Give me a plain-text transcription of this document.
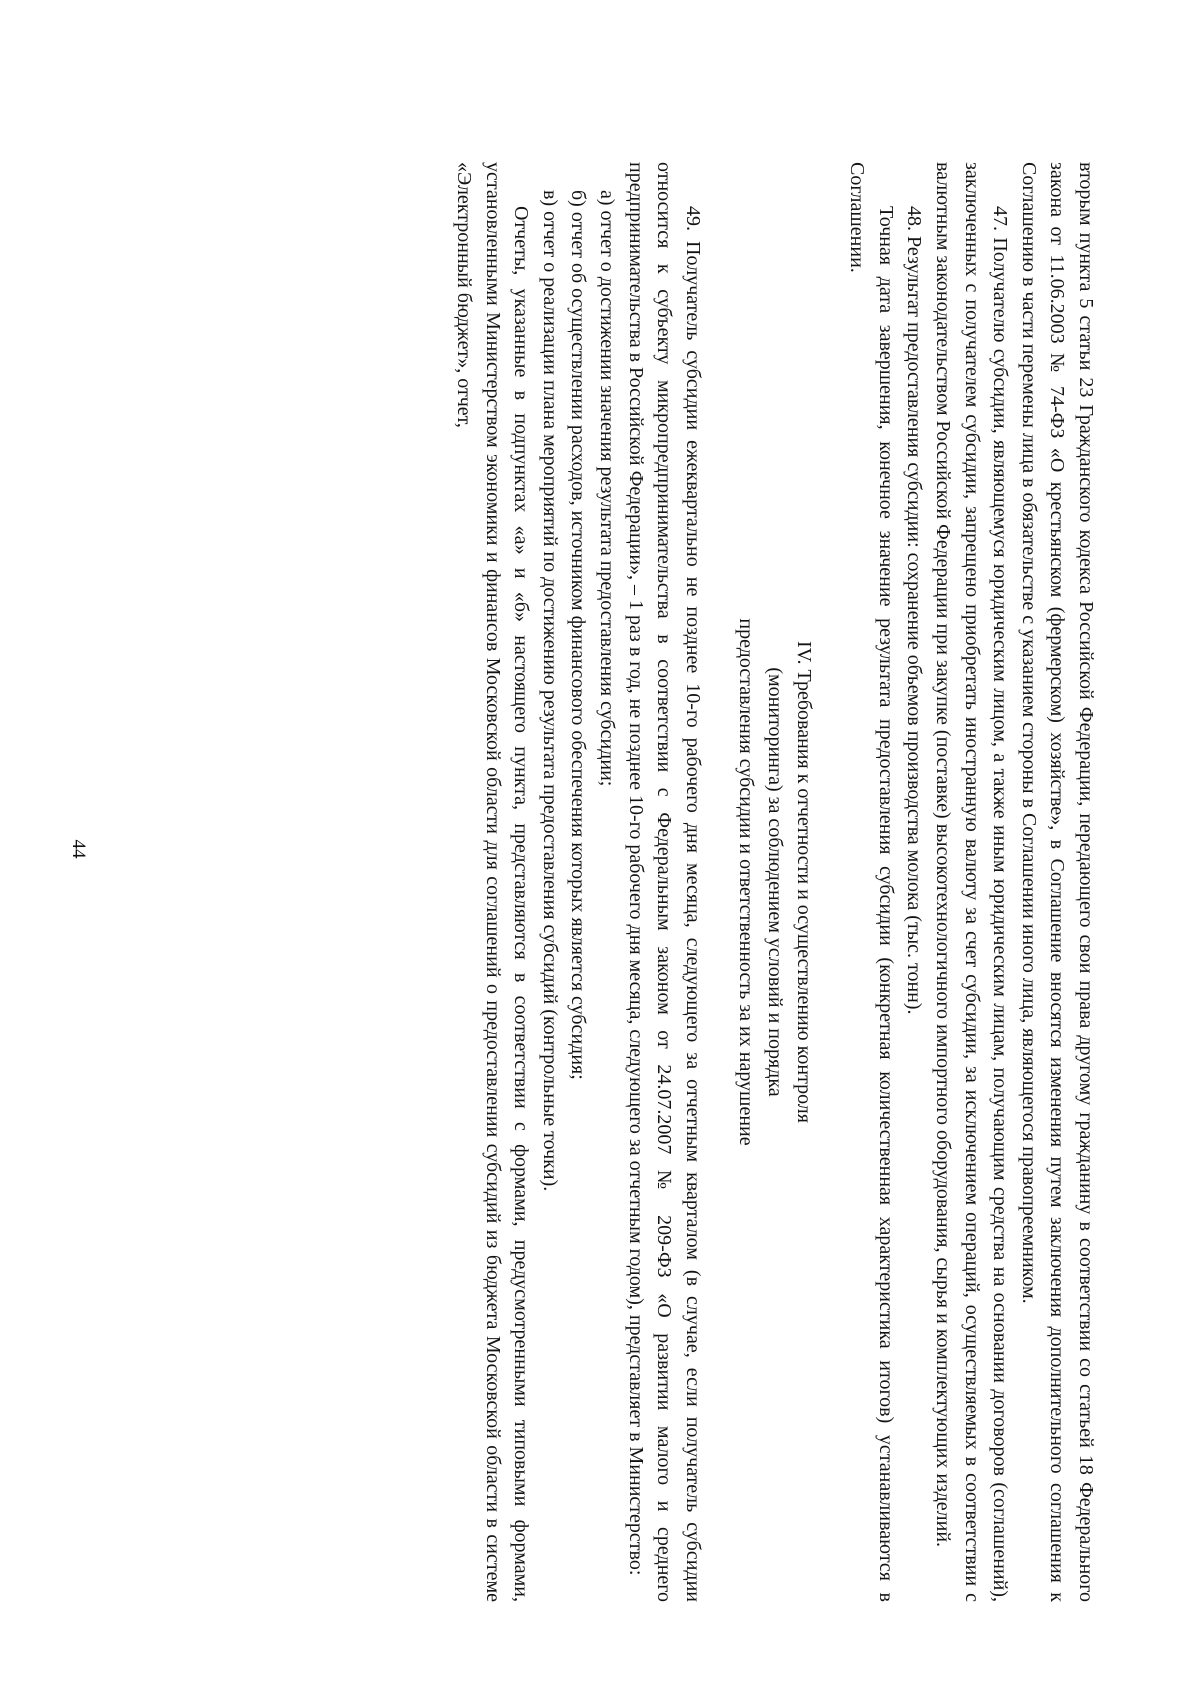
44	вторым пункта 5 статьи 23 Гражданского кодекса Российской Федерации, передающего свои права другому гражданину в соответствии со статьей 18 Федерального закона от 11.06.2003 № 74-ФЗ «О крестьянском (фермерском) хозяйстве», в Соглашение вносятся изменения путем заключения дополнительного соглашения к Соглашению в части перемены лица в обязательстве с указанием стороны в Соглашении иного лица, являющегося правопреемником.

47. Получателю субсидии, являющемуся юридическим лицом, а также иным юридическим лицам, получающим средства на основании договоров (соглашений), заключенных с получателем субсидии, запрещено приобретать иностранную валюту за счет субсидии, за исключением операций, осуществляемых в соответствии с валютным законодательством Российской Федерации при закупке (поставке) высокотехнологичного импортного оборудования, сырья и комплектующих изделий.

48. Результат предоставления субсидии: сохранение объемов производства молока (тыс. тонн).

Точная дата завершения, конечное значение результата предоставления субсидии (конкретная количественная характеристика итогов) устанавливаются в Соглашении.

IV. Требования к отчетности и осуществлению контроля
(мониторинга) за соблюдением условий и порядка
предоставления субсидии и ответственность за их нарушение

49. Получатель субсидии ежеквартально не позднее 10-го рабочего дня месяца, следующего за отчетным кварталом (в случае, если получатель субсидии относится к субъекту микропредпринимательства в соответствии с Федеральным законом от 24.07.2007 № 209-ФЗ «О развитии малого и среднего предпринимательства в Российской Федерации», – 1 раз в год, не позднее 10-го рабочего дня месяца, следующего за отчетным годом), представляет в Министерство:

а) отчет о достижении значения результата предоставления субсидии;

б) отчет об осуществлении расходов, источником финансового обеспечения которых является субсидия;

в) отчет о реализации плана мероприятий по достижению результата предоставления субсидий (контрольные точки).

Отчеты, указанные в подпунктах «а» и «б» настоящего пункта, представляются в соответствии с формами, предусмотренными типовыми формами, установленными Министерством экономики и финансов Московской области для соглашений о предоставлении субсидий из бюджета Московской области в системе «Электронный бюджет», отчет,
